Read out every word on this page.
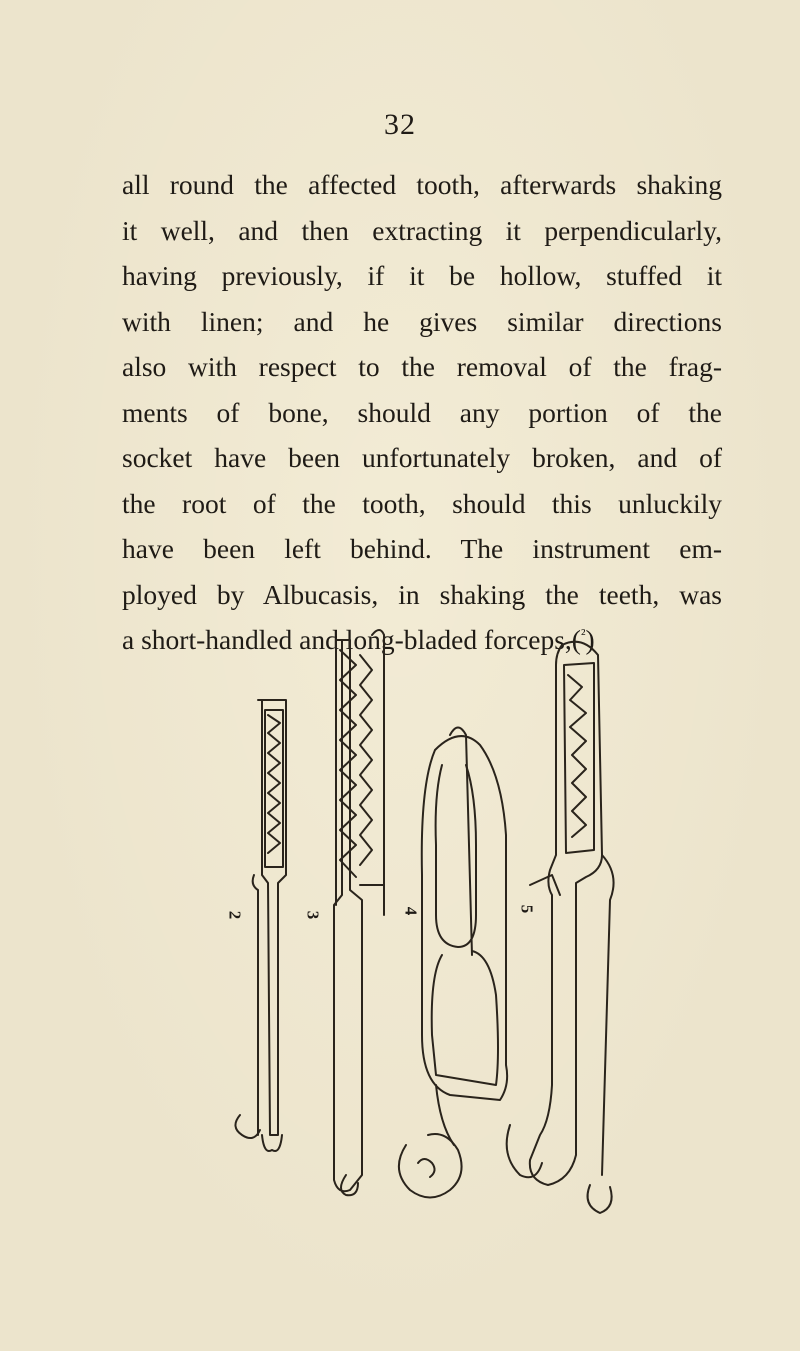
32
all round the affected tooth, afterwards shaking
it well, and then extracting it perpendicularly,
having previously, if it be hollow, stuffed it
with linen; and he gives similar directions
also with respect to the removal of the frag-
ments of bone, should any portion of the
socket have been unfortunately broken, and of
the root of the tooth, should this unluckily
have been left behind. The instrument em-
ployed by Albucasis, in shaking the teeth, was
a short-handled and long-bladed forceps,($^{^2}$)
2	3	4	5
